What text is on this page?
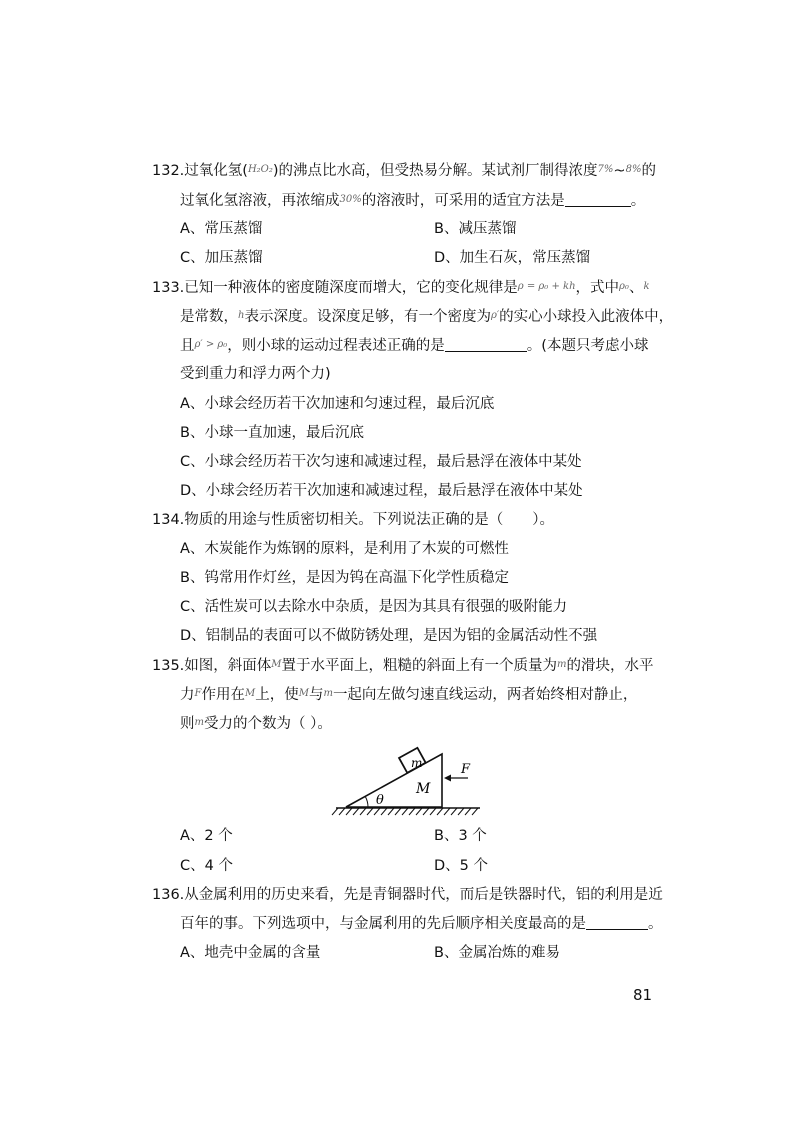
132.过氧化氢($^{H_2O_2}$)的沸点比水高，但受热易分解。某试剂厂制得浓度$^{7\%}$~$^{8\%}$的
过氧化氢溶液，再浓缩成$^{30\%}$的溶液时，可采用的适宜方法是	。
A、常压蒸馏	B、减压蒸馏
C、加压蒸馏	D、加生石灰，常压蒸馏
133.已知一种液体的密度随深度而增大，它的变化规律是$^{\rho = \rho_0 + kh}$，式中$^{\rho_0}$、$^k$
是常数，$^h$表示深度。设深度足够，有一个密度为$^{\rho'}$的实心小球投入此液体中，
且$^{\rho' > \rho_0}$，则小球的运动过程表述正确的是	。(本题只考虑小球
受到重力和浮力两个力)
A、小球会经历若干次加速和匀速过程，最后沉底
B、小球一直加速，最后沉底
C、小球会经历若干次匀速和减速过程，最后悬浮在液体中某处
D、小球会经历若干次加速和减速过程，最后悬浮在液体中某处
134.物质的用途与性质密切相关。下列说法正确的是（　　）。
A、木炭能作为炼钢的原料，是利用了木炭的可燃性
B、钨常用作灯丝，是因为钨在高温下化学性质稳定
C、活性炭可以去除水中杂质，是因为其具有很强的吸附能力
D、铝制品的表面可以不做防锈处理，是因为铝的金属活动性不强
135.如图，斜面体$^M$置于水平面上，粗糙的斜面上有一个质量为$^m$的滑块，水平
力$^F$作用在$^M$上，使$^M$与$^m$一起向左做匀速直线运动，两者始终相对静止，
则$^m$受力的个数为（ ）。
θ
M
m	F
A、2 个	B、3 个
C、4 个	D、5 个
136.从金属利用的历史来看，先是青铜器时代，而后是铁器时代，铝的利用是近
百年的事。下列选项中，与金属利用的先后顺序相关度最高的是	。
A、地壳中金属的含量	B、金属冶炼的难易
81
